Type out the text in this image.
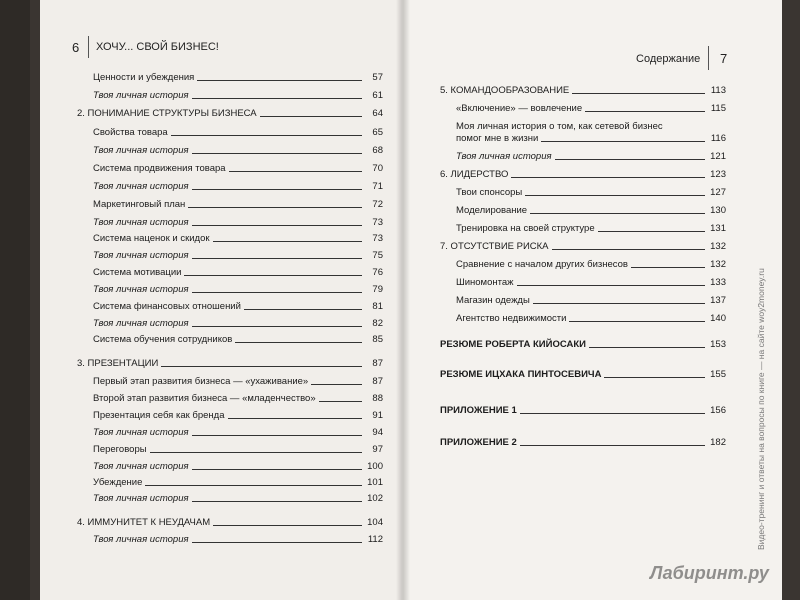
6 ХОЧУ... СВОЙ БИЗНЕС!
Ценности и убеждения	57
Твоя личная история	61
2. ПОНИМАНИЕ СТРУКТУРЫ БИЗНЕСА	64
Свойства товара	65
Твоя личная история	68
Система продвижения товара	70
Твоя личная история	71
Маркетинговый план	72
Твоя личная история	73
Система наценок и скидок	73
Твоя личная история	75
Система мотивации	76
Твоя личная история	79
Система финансовых отношений	81
Твоя личная история	82
Система обучения сотрудников	85
3. ПРЕЗЕНТАЦИИ	87
Первый этап развития бизнеса — «ухаживание»	87
Второй этап развития бизнеса — «младенчество»	88
Презентация себя как бренда	91
Твоя личная история	94
Переговоры	97
Твоя личная история	100
Убеждение	101
Твоя личная история	102
4. ИММУНИТЕТ К НЕУДАЧАМ	104
Твоя личная история	112
Содержание 7
5. КОМАНДООБРАЗОВАНИЕ	113
«Включение» — вовлечение	115
Моя личная история о том, как сетевой бизнес
помог мне в жизни	116
Твоя личная история	121
6. ЛИДЕРСТВО	123
Твои спонсоры	127
Моделирование	130
Тренировка на своей структуре	131
7. ОТСУТСТВИЕ РИСКА	132
Сравнение с началом других бизнесов	132
Шиномонтаж	133
Магазин одежды	137
Агентство недвижимости	140
РЕЗЮМЕ РОБЕРТА КИЙОСАКИ	153
РЕЗЮМЕ ИЦХАКА ПИНТОСЕВИЧА	155
ПРИЛОЖЕНИЕ 1	156
ПРИЛОЖЕНИЕ 2	182	Видео-тренинг и ответы на вопросы по книге — на сайте woу2money.ru
Лабиринт.ру
